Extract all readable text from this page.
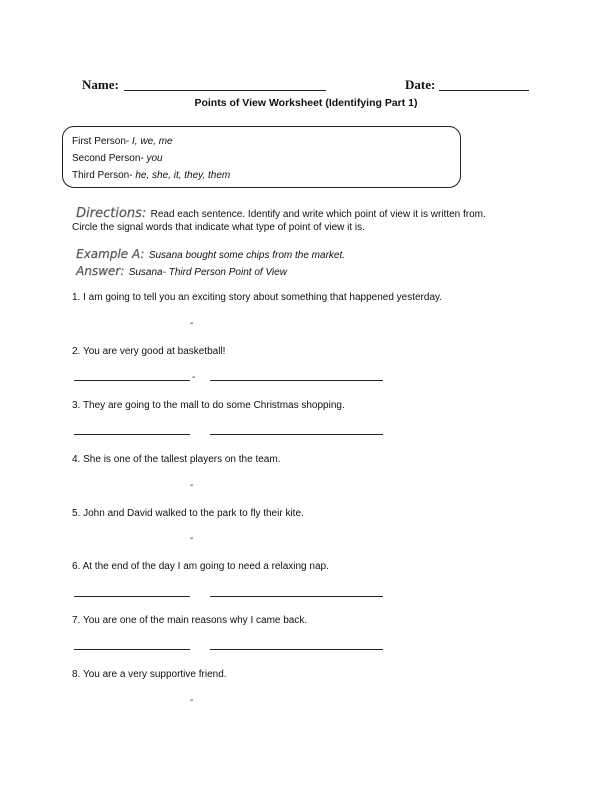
Name:	Date:
Points of View Worksheet (Identifying Part 1)
First Person- I, we, me
Second Person- you
Third Person- he, she, it, they, them
Directions: Read each sentence. Identify and write which point of view it is written from.
Circle the signal words that indicate what type of point of view it is.
Example A: Susana bought some chips from the market.
Answer: Susana- Third Person Point of View
1. I am going to tell you an exciting story about something that happened yesterday.
-
2. You are very good at basketball!
-
3. They are going to the mall to do some Christmas shopping.
4. She is one of the tallest players on the team.
-
5. John and David walked to the park to fly their kite.
-
6. At the end of the day I am going to need a relaxing nap.
7. You are one of the main reasons why I came back.
8. You are a very supportive friend.
-
